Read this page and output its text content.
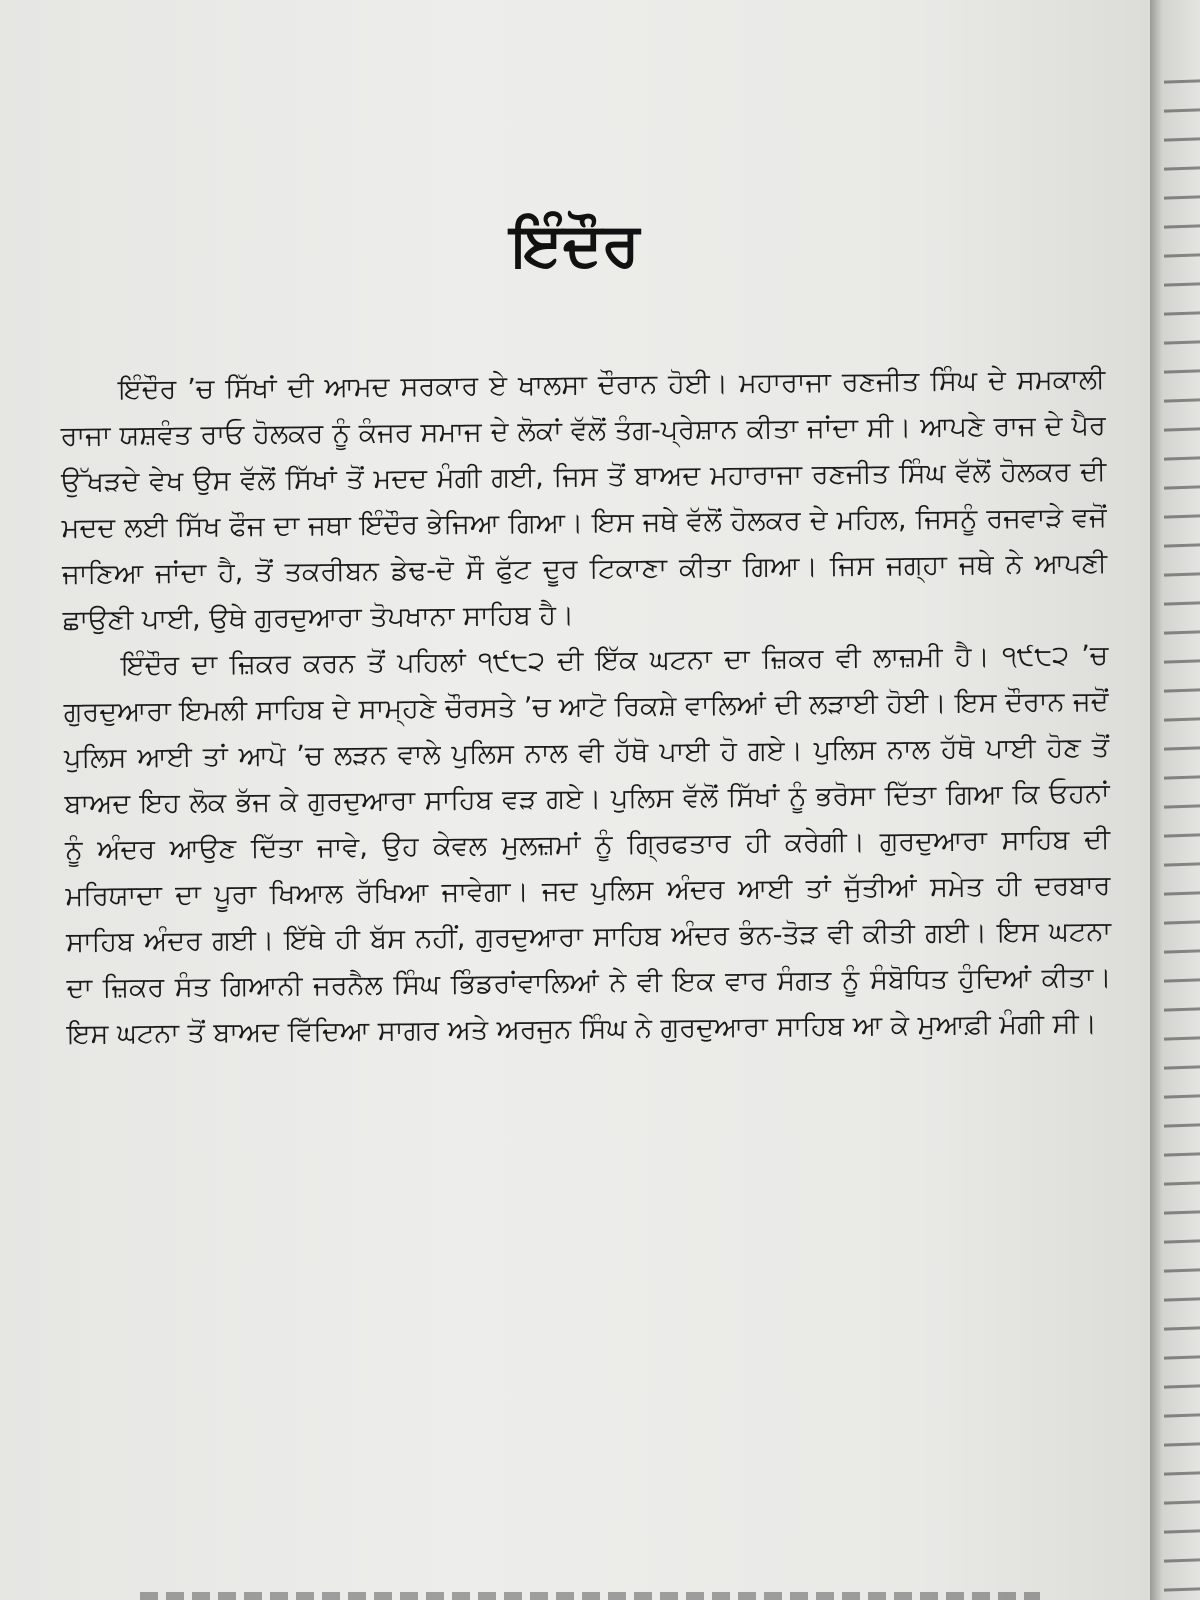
ਇੰਦੌਰ

ਇੰਦੌਰ ’ਚ ਸਿੱਖਾਂ ਦੀ ਆਮਦ ਸਰਕਾਰ ਏ ਖਾਲਸਾ ਦੌਰਾਨ ਹੋਈ। ਮਹਾਰਾਜਾ ਰਣਜੀਤ ਸਿੰਘ ਦੇ ਸਮਕਾਲੀ ਰਾਜਾ ਯਸ਼ਵੰਤ ਰਾਓ ਹੋਲਕਰ ਨੂੰ ਕੰਜਰ ਸਮਾਜ ਦੇ ਲੋਕਾਂ ਵੱਲੋਂ ਤੰਗ-ਪ੍ਰੇਸ਼ਾਨ ਕੀਤਾ ਜਾਂਦਾ ਸੀ। ਆਪਣੇ ਰਾਜ ਦੇ ਪੈਰ ਉੱਖੜਦੇ ਵੇਖ ਉਸ ਵੱਲੋਂ ਸਿੱਖਾਂ ਤੋਂ ਮਦਦ ਮੰਗੀ ਗਈ, ਜਿਸ ਤੋਂ ਬਾਅਦ ਮਹਾਰਾਜਾ ਰਣਜੀਤ ਸਿੰਘ ਵੱਲੋਂ ਹੋਲਕਰ ਦੀ ਮਦਦ ਲਈ ਸਿੱਖ ਫੌਜ ਦਾ ਜਥਾ ਇੰਦੌਰ ਭੇਜਿਆ ਗਿਆ। ਇਸ ਜਥੇ ਵੱਲੋਂ ਹੋਲਕਰ ਦੇ ਮਹਿਲ, ਜਿਸਨੂੰ ਰਜਵਾੜੇ ਵਜੋਂ ਜਾਣਿਆ ਜਾਂਦਾ ਹੈ, ਤੋਂ ਤਕਰੀਬਨ ਡੇਢ-ਦੋ ਸੌ ਫੁੱਟ ਦੂਰ ਟਿਕਾਣਾ ਕੀਤਾ ਗਿਆ। ਜਿਸ ਜਗ੍ਹਾ ਜਥੇ ਨੇ ਆਪਣੀ ਛਾਉਣੀ ਪਾਈ, ਉਥੇ ਗੁਰਦੁਆਰਾ ਤੋਪਖਾਨਾ ਸਾਹਿਬ ਹੈ।

ਇੰਦੌਰ ਦਾ ਜ਼ਿਕਰ ਕਰਨ ਤੋਂ ਪਹਿਲਾਂ ੧੯੮੨ ਦੀ ਇੱਕ ਘਟਨਾ ਦਾ ਜ਼ਿਕਰ ਵੀ ਲਾਜ਼ਮੀ ਹੈ। ੧੯੮੨ ’ਚ ਗੁਰਦੁਆਰਾ ਇਮਲੀ ਸਾਹਿਬ ਦੇ ਸਾਮ੍ਹਣੇ ਚੌਰਸਤੇ ’ਚ ਆਟੋ ਰਿਕਸ਼ੇ ਵਾਲਿਆਂ ਦੀ ਲੜਾਈ ਹੋਈ। ਇਸ ਦੌਰਾਨ ਜਦੋਂ ਪੁਲਿਸ ਆਈ ਤਾਂ ਆਪੋ ’ਚ ਲੜਨ ਵਾਲੇ ਪੁਲਿਸ ਨਾਲ ਵੀ ਹੱਥੋ ਪਾਈ ਹੋ ਗਏ। ਪੁਲਿਸ ਨਾਲ ਹੱਥੋ ਪਾਈ ਹੋਣ ਤੋਂ ਬਾਅਦ ਇਹ ਲੋਕ ਭੱਜ ਕੇ ਗੁਰਦੁਆਰਾ ਸਾਹਿਬ ਵੜ ਗਏ। ਪੁਲਿਸ ਵੱਲੋਂ ਸਿੱਖਾਂ ਨੂੰ ਭਰੋਸਾ ਦਿੱਤਾ ਗਿਆ ਕਿ ਓਹਨਾਂ ਨੂੰ ਅੰਦਰ ਆਉਣ ਦਿੱਤਾ ਜਾਵੇ, ਉਹ ਕੇਵਲ ਮੁਲਜ਼ਮਾਂ ਨੂੰ ਗ੍ਰਿਫਤਾਰ ਹੀ ਕਰੇਗੀ। ਗੁਰਦੁਆਰਾ ਸਾਹਿਬ ਦੀ ਮਰਿਯਾਦਾ ਦਾ ਪੂਰਾ ਖਿਆਲ ਰੱਖਿਆ ਜਾਵੇਗਾ। ਜਦ ਪੁਲਿਸ ਅੰਦਰ ਆਈ ਤਾਂ ਜੁੱਤੀਆਂ ਸਮੇਤ ਹੀ ਦਰਬਾਰ ਸਾਹਿਬ ਅੰਦਰ ਗਈ। ਇੱਥੇ ਹੀ ਬੱਸ ਨਹੀਂ, ਗੁਰਦੁਆਰਾ ਸਾਹਿਬ ਅੰਦਰ ਭੰਨ-ਤੋੜ ਵੀ ਕੀਤੀ ਗਈ। ਇਸ ਘਟਨਾ ਦਾ ਜ਼ਿਕਰ ਸੰਤ ਗਿਆਨੀ ਜਰਨੈਲ ਸਿੰਘ ਭਿੰਡਰਾਂਵਾਲਿਆਂ ਨੇ ਵੀ ਇਕ ਵਾਰ ਸੰਗਤ ਨੂੰ ਸੰਬੋਧਿਤ ਹੁੰਦਿਆਂ ਕੀਤਾ। ਇਸ ਘਟਨਾ ਤੋਂ ਬਾਅਦ ਵਿੱਦਿਆ ਸਾਗਰ ਅਤੇ ਅਰਜੁਨ ਸਿੰਘ ਨੇ ਗੁਰਦੁਆਰਾ ਸਾਹਿਬ ਆ ਕੇ ਮੁਆਫ਼ੀ ਮੰਗੀ ਸੀ।
